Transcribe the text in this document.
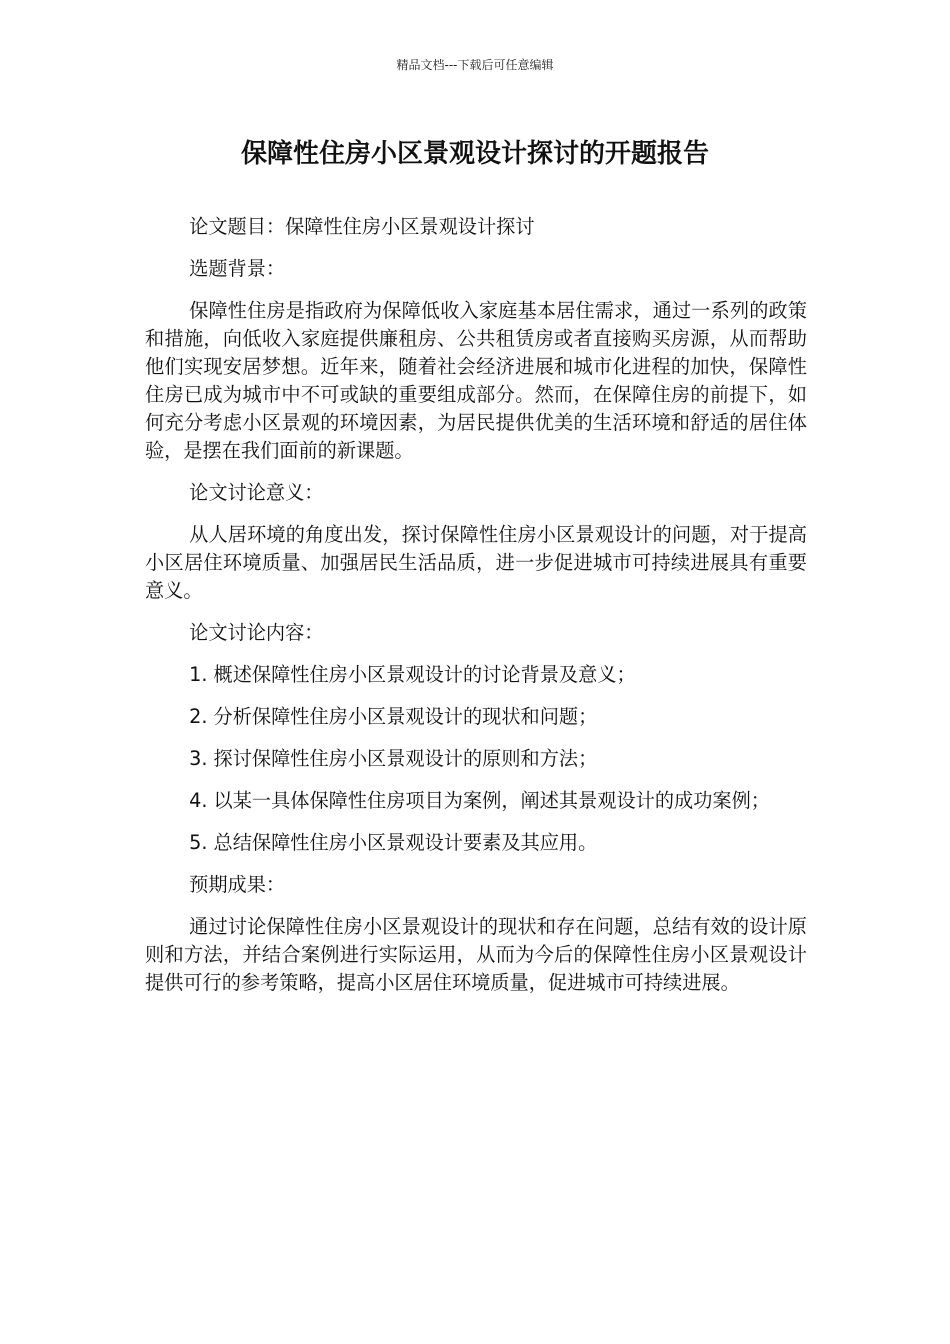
精品文档---下载后可任意编辑
保障性住房小区景观设计探讨的开题报告

论文题目：保障性住房小区景观设计探讨

选题背景：

保障性住房是指政府为保障低收入家庭基本居住需求，通过一系列的政策和措施，向低收入家庭提供廉租房、公共租赁房或者直接购买房源，从而帮助他们实现安居梦想。近年来，随着社会经济进展和城市化进程的加快，保障性住房已成为城市中不可或缺的重要组成部分。然而，在保障住房的前提下，如何充分考虑小区景观的环境因素，为居民提供优美的生活环境和舒适的居住体验，是摆在我们面前的新课题。

论文讨论意义：

从人居环境的角度出发，探讨保障性住房小区景观设计的问题，对于提高小区居住环境质量、加强居民生活品质，进一步促进城市可持续进展具有重要意义。

论文讨论内容：

1. 概述保障性住房小区景观设计的讨论背景及意义；

2. 分析保障性住房小区景观设计的现状和问题；

3. 探讨保障性住房小区景观设计的原则和方法；

4. 以某一具体保障性住房项目为案例，阐述其景观设计的成功案例；

5. 总结保障性住房小区景观设计要素及其应用。

预期成果：

通过讨论保障性住房小区景观设计的现状和存在问题，总结有效的设计原则和方法，并结合案例进行实际运用，从而为今后的保障性住房小区景观设计提供可行的参考策略，提高小区居住环境质量，促进城市可持续进展。
